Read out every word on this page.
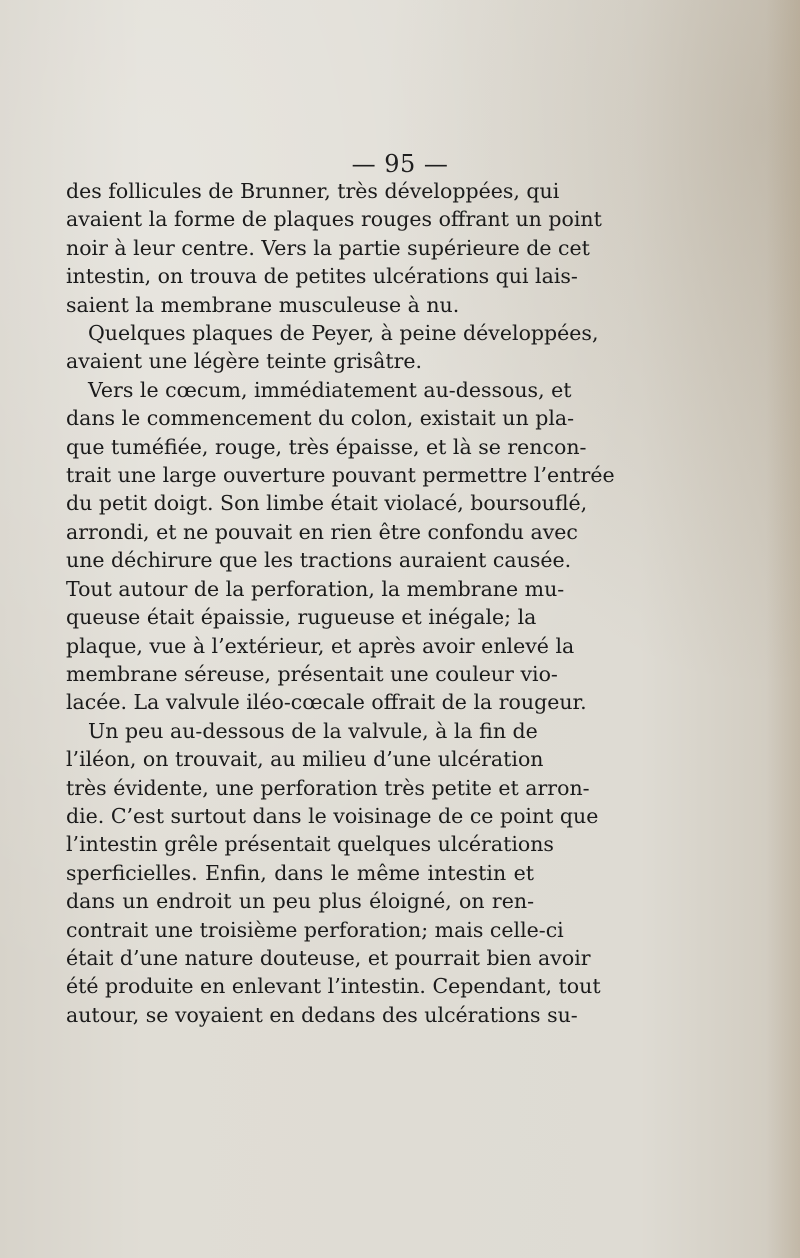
— 95 —
des follicules de Brunner, très développées, qui
avaient la forme de plaques rouges offrant un point
noir à leur centre. Vers la partie supérieure de cet
intestin, on trouva de petites ulcérations qui lais-
saient la membrane musculeuse à nu.
Quelques plaques de Peyer, à peine développées,
avaient une légère teinte grisâtre.
Vers le cœcum, immédiatement au-dessous, et
dans le commencement du colon, existait un pla-
que tuméfiée, rouge, très épaisse, et là se rencon-
trait une large ouverture pouvant permettre l’entrée
du petit doigt. Son limbe était violacé, boursouflé,
arrondi, et ne pouvait en rien être confondu avec
une déchirure que les tractions auraient causée.
Tout autour de la perforation, la membrane mu-
queuse était épaissie, rugueuse et inégale; la
plaque, vue à l’extérieur, et après avoir enlevé la
membrane séreuse, présentait une couleur vio-
lacée. La valvule iléo-cœcale offrait de la rougeur.
Un peu au-dessous de la valvule, à la fin de
l’iléon, on trouvait, au milieu d’une ulcération
très évidente, une perforation très petite et arron-
die. C’est surtout dans le voisinage de ce point que
l’intestin grêle présentait quelques ulcérations
sperficielles. Enfin, dans le même intestin et
dans un endroit un peu plus éloigné, on ren-
contrait une troisième perforation; mais celle-ci
était d’une nature douteuse, et pourrait bien avoir
été produite en enlevant l’intestin. Cependant, tout
autour, se voyaient en dedans des ulcérations su-
